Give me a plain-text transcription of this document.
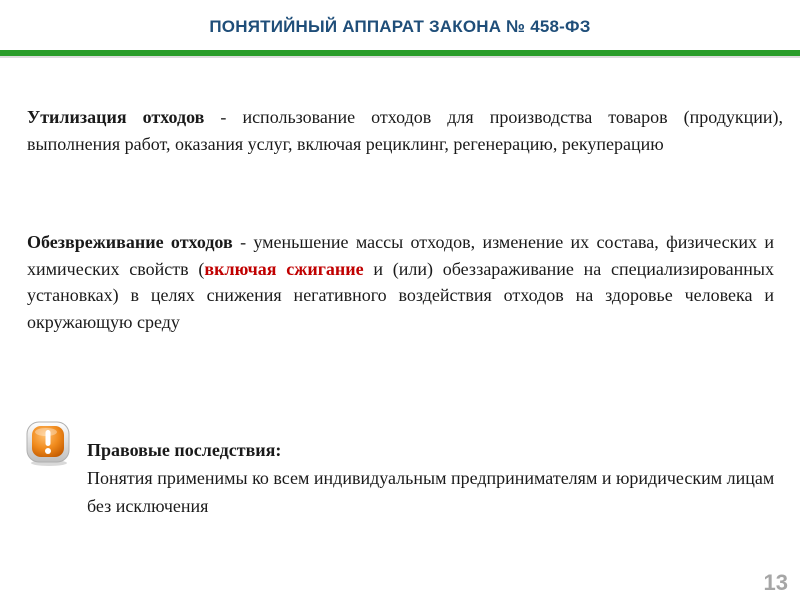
ПОНЯТИЙНЫЙ АППАРАТ ЗАКОНА № 458-ФЗ
Утилизация отходов - использование отходов для производства товаров (продукции), выполнения работ, оказания услуг, включая рециклинг, регенерацию, рекуперацию
Обезвреживание отходов - уменьшение массы отходов, изменение их состава, физических и химических свойств (включая сжигание и (или) обеззараживание на специализированных установках) в целях снижения негативного воздействия отходов на здоровье человека и окружающую среду
Правовые последствия:
Понятия применимы ко всем индивидуальным предпринимателям и юридическим лицам без исключения
13
